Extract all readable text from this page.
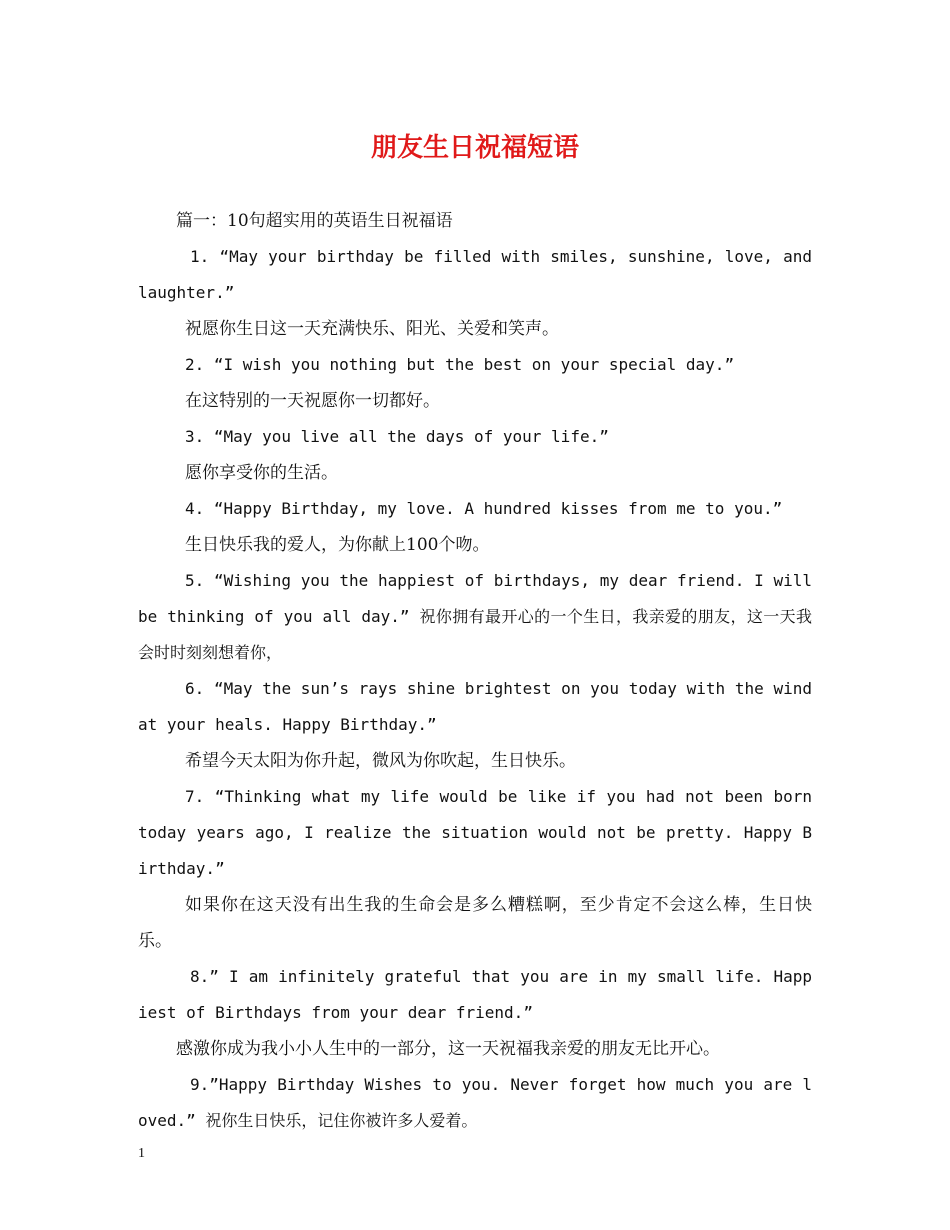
朋友生日祝福短语

篇一：10句超实用的英语生日祝福语

1. “May your birthday be filled with smiles, sunshine, love, and laughter.”

祝愿你生日这一天充满快乐、阳光、关爱和笑声。

2. “I wish you nothing but the best on your special day.”

在这特别的一天祝愿你一切都好。

3. “May you live all the days of your life.”

愿你享受你的生活。

4. “Happy Birthday, my love. A hundred kisses from me to you.”

生日快乐我的爱人，为你献上100个吻。

5. “Wishing you the happiest of birthdays, my dear friend. I will be thinking of you all day.” 祝你拥有最开心的一个生日，我亲爱的朋友，这一天我会时时刻刻想着你，

6. “May the sun’s rays shine brightest on you today with the wind at your heals. Happy Birthday.”

希望今天太阳为你升起，微风为你吹起，生日快乐。

7. “Thinking what my life would be like if you had not been born today years ago, I realize the situation would not be pretty. Happy Birthday.”

如果你在这天没有出生我的生命会是多么糟糕啊，至少肯定不会这么棒，生日快乐。

8.” I am infinitely grateful that you are in my small life. Happiest of Birthdays from your dear friend.”

感激你成为我小小人生中的一部分，这一天祝福我亲爱的朋友无比开心。

9.”Happy Birthday Wishes to you. Never forget how much you are loved.” 祝你生日快乐，记住你被许多人爱着。

1
